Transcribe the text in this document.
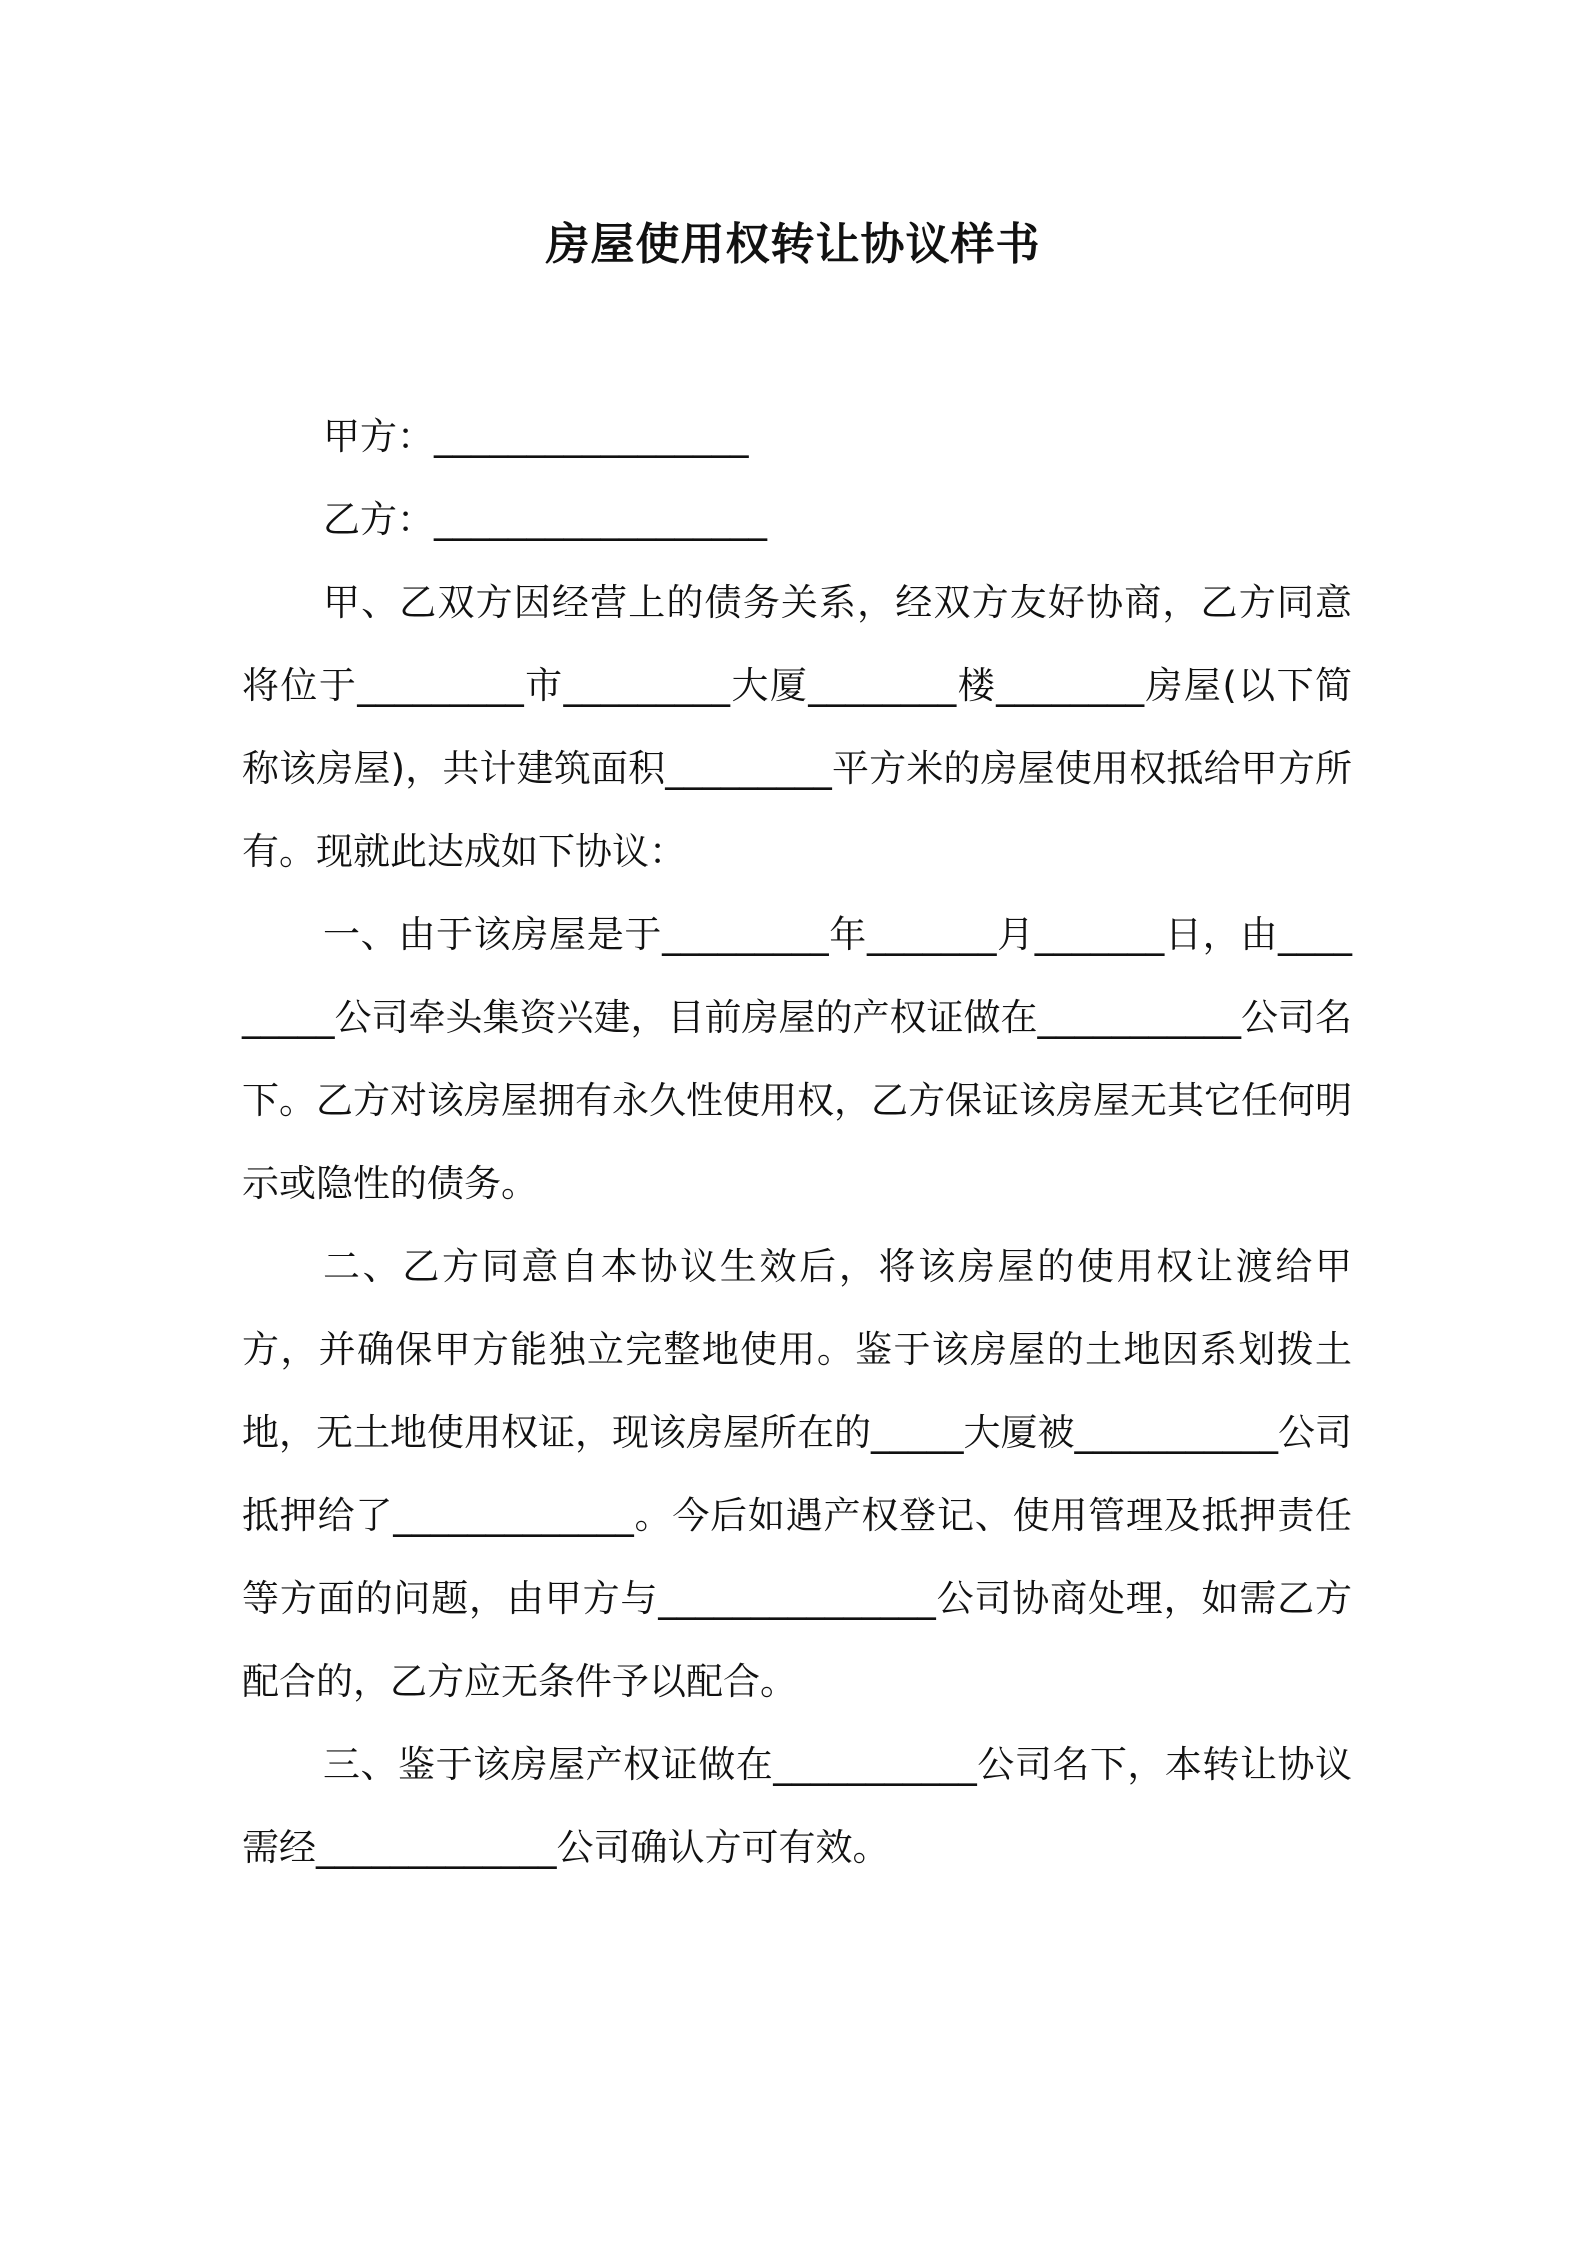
房屋使用权转让协议样书

甲方：_________________

乙方：__________________

甲、乙双方因经营上的债务关系，经双方友好协商，乙方同意将位于_________市_________大厦________楼________房屋(以下简称该房屋)，共计建筑面积_________平方米的房屋使用权抵给甲方所有。现就此达成如下协议：

一、由于该房屋是于_________年_______月_______日，由_________公司牵头集资兴建，目前房屋的产权证做在___________公司名下。乙方对该房屋拥有永久性使用权，乙方保证该房屋无其它任何明示或隐性的债务。

二、乙方同意自本协议生效后，将该房屋的使用权让渡给甲方，并确保甲方能独立完整地使用。鉴于该房屋的土地因系划拨土地，无土地使用权证，现该房屋所在的_____大厦被___________公司抵押给了_____________。今后如遇产权登记、使用管理及抵押责任等方面的问题，由甲方与_______________公司协商处理，如需乙方配合的，乙方应无条件予以配合。

三、鉴于该房屋产权证做在___________公司名下，本转让协议需经_____________公司确认方可有效。
